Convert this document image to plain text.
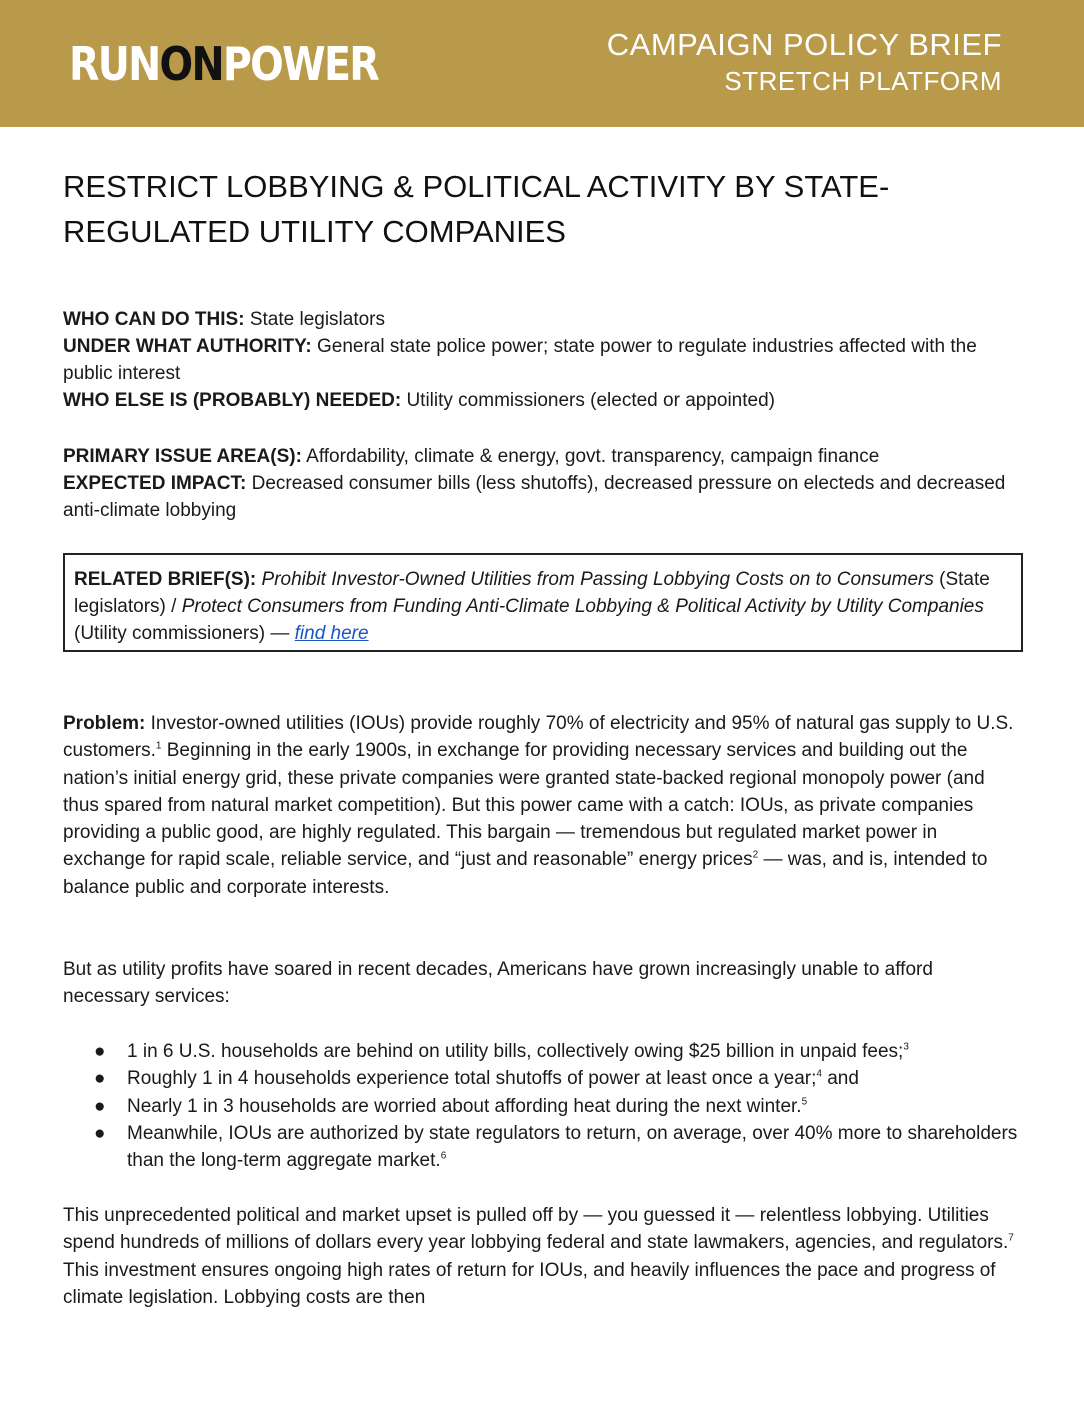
RUNONPOWER	CAMPAIGN POLICY BRIEF
STRETCH PLATFORM
RESTRICT LOBBYING & POLITICAL ACTIVITY BY STATE-REGULATED UTILITY COMPANIES

WHO CAN DO THIS: State legislators

UNDER WHAT AUTHORITY: General state police power; state power to regulate industries affected with the public interest

WHO ELSE IS (PROBABLY) NEEDED: Utility commissioners (elected or appointed)

PRIMARY ISSUE AREA(S): Affordability, climate & energy, govt. transparency, campaign finance

EXPECTED IMPACT: Decreased consumer bills (less shutoffs), decreased pressure on electeds and decreased anti-climate lobbying

RELATED BRIEF(S): Prohibit Investor-Owned Utilities from Passing Lobbying Costs on to Consumers (State legislators) / Protect Consumers from Funding Anti-Climate Lobbying & Political Activity by Utility Companies (Utility commissioners) — find here

Problem: Investor-owned utilities (IOUs) provide roughly 70% of electricity and 95% of natural gas supply to U.S. customers.$^1$ Beginning in the early 1900s, in exchange for providing necessary services and building out the nation’s initial energy grid, these private companies were granted state-backed regional monopoly power (and thus spared from natural market competition). But this power came with a catch: IOUs, as private companies providing a public good, are highly regulated. This bargain — tremendous but regulated market power in exchange for rapid scale, reliable service, and “just and reasonable” energy prices$^2$ — was, and is, intended to balance public and corporate interests.

But as utility profits have soared in recent decades, Americans have grown increasingly unable to afford necessary services:

● 1 in 6 U.S. households are behind on utility bills, collectively owing $25 billion in unpaid fees;$^3$
● Roughly 1 in 4 households experience total shutoffs of power at least once a year;$^4$ and
● Nearly 1 in 3 households are worried about affording heat during the next winter.$^5$
● Meanwhile, IOUs are authorized by state regulators to return, on average, over 40% more to shareholders than the long-term aggregate market.$^6$

This unprecedented political and market upset is pulled off by — you guessed it — relentless lobbying. Utilities spend hundreds of millions of dollars every year lobbying federal and state lawmakers, agencies, and regulators.$^7$ This investment ensures ongoing high rates of return for IOUs, and heavily influences the pace and progress of climate legislation. Lobbying costs are then
